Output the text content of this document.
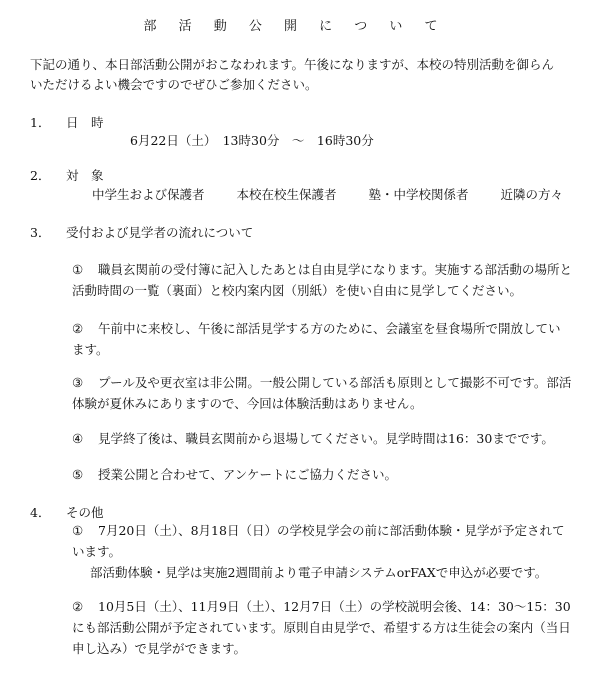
部 活 動 公 開 に つ い て
下記の通り、本日部活動公開がおこなわれます。午後になりますが、本校の特別活動を御らんいただけるよい機会ですのでぜひご参加ください。
1． 日　時
6月22日（土）　13時30分　～　16時30分
2． 対　象
中学生および保護者	本校在校生保護者	塾・中学校関係者	近隣の方々
3． 受付および見学者の流れについて
① 職員玄関前の受付簿に記入したあとは自由見学になります。実施する部活動の場所と活動時間の一覧（裏面）と校内案内図（別紙）を使い自由に見学してください。
② 午前中に来校し、午後に部活見学する方のために、会議室を昼食場所で開放しています。
③ プール及や更衣室は非公開。一般公開している部活も原則として撮影不可です。部活体験が夏休みにありますので、今回は体験活動はありません。
④ 見学終了後は、職員玄関前から退場してください。見学時間は16：30までです。
⑤ 授業公開と合わせて、アンケートにご協力ください。
4． その他
① 7月20日（土）、8月18日（日）の学校見学会の前に部活動体験・見学が予定されています。
部活動体験・見学は実施2週間前より電子申請システムorFAXで申込が必要です。
② 10月5日（土）、11月9日（土）、12月7日（土）の学校説明会後、14：30～15：30にも部活動公開が予定されています。原則自由見学で、希望する方は生徒会の案内（当日申し込み）で見学ができます。
